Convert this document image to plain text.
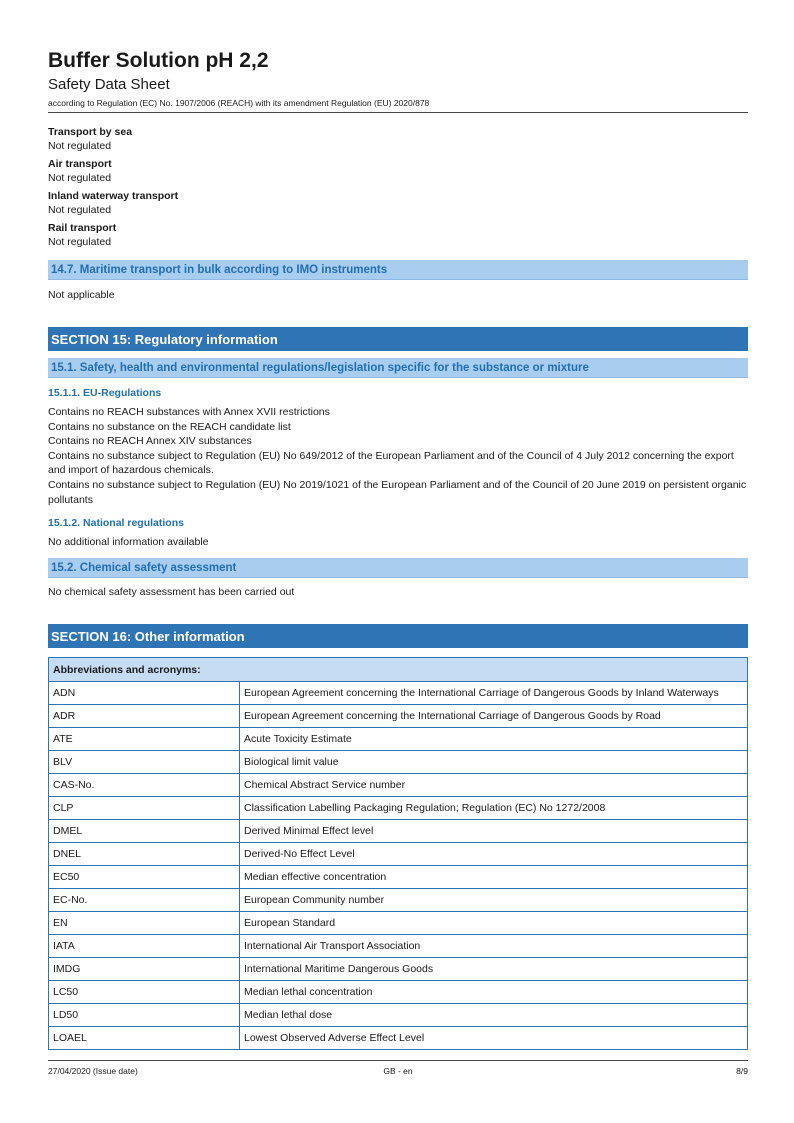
Buffer Solution pH 2,2
Safety Data Sheet
according to Regulation (EC) No. 1907/2006 (REACH) with its amendment Regulation (EU) 2020/878
Transport by sea
Not regulated
Air transport
Not regulated
Inland waterway transport
Not regulated
Rail transport
Not regulated
14.7. Maritime transport in bulk according to IMO instruments
Not applicable
SECTION 15: Regulatory information
15.1. Safety, health and environmental regulations/legislation specific for the substance or mixture
15.1.1. EU-Regulations
Contains no REACH substances with Annex XVII restrictions
Contains no substance on the REACH candidate list
Contains no REACH Annex XIV substances
Contains no substance subject to Regulation (EU) No 649/2012 of the European Parliament and of the Council of 4 July 2012 concerning the export and import of hazardous chemicals.
Contains no substance subject to Regulation (EU) No 2019/1021 of the European Parliament and of the Council of 20 June 2019 on persistent organic pollutants
15.1.2. National regulations
No additional information available
15.2. Chemical safety assessment
No chemical safety assessment has been carried out
SECTION 16: Other information
Abbreviations and acronyms:	
ADN	European Agreement concerning the International Carriage of Dangerous Goods by Inland Waterways
ADR	European Agreement concerning the International Carriage of Dangerous Goods by Road
ATE	Acute Toxicity Estimate
BLV	Biological limit value
CAS-No.	Chemical Abstract Service number
CLP	Classification Labelling Packaging Regulation; Regulation (EC) No 1272/2008
DMEL	Derived Minimal Effect level
DNEL	Derived-No Effect Level
EC50	Median effective concentration
EC-No.	European Community number
EN	European Standard
IATA	International Air Transport Association
IMDG	International Maritime Dangerous Goods
LC50	Median lethal concentration
LD50	Median lethal dose
LOAEL	Lowest Observed Adverse Effect Level
27/04/2020 (Issue date)	GB - en	8/9
